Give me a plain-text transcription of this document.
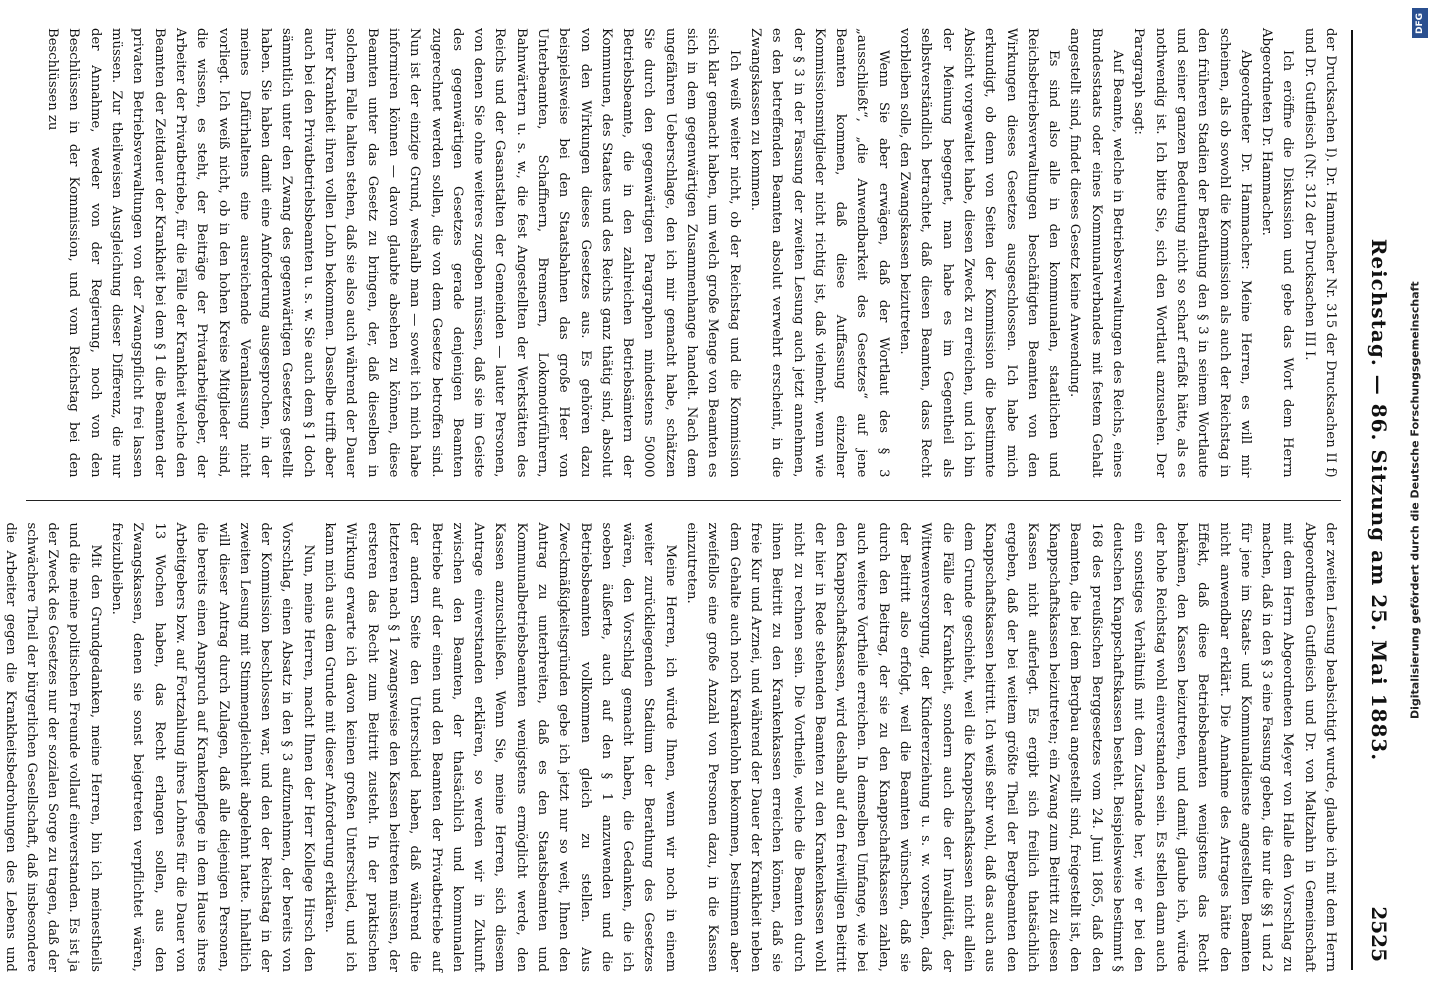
DFG
Digitalisierung gefördert durch die Deutsche Forschungsgemeinschaft
Reichstag. — 86. Sitzung am 25. Mai 1883.
2525

der Drucksachen I). Dr. Hammacher Nr. 315 der Drucksachen II f) und Dr. Gutfleisch (Nr. 312 der Drucksachen III I.

Ich eröffne die Diskussion und gebe das Wort dem Herrn Abgeordneten Dr. Hammacher.

Abgeordneter Dr. Hammacher: Meine Herren, es will mir scheinen, als ob sowohl die Kommission als auch der Reichstag in den früheren Stadien der Berathung den § 3 in seinem Wortlaute und seiner ganzen Bedeutung nicht so scharf erfaßt hätte, als es nothwendig ist. Ich bitte Sie, sich den Wortlaut anzusehen. Der Paragraph sagt:

Auf Beamte, welche in Betriebsverwaltungen des Reichs, eines Bundesstaats oder eines Kommunalverbandes mit festem Gehalt angestellt sind, findet dieses Gesetz keine Anwendung.

Es sind also alle in den kommunalen, staatlichen und Reichsbetriebsverwaltungen beschäftigten Beamten von den Wirkungen dieses Gesetzes ausgeschlossen. Ich habe mich erkundigt, ob denn von Seiten der Kommission die bestimmte Absicht vorgewaltet habe, diesen Zweck zu erreichen, und ich bin der Meinung begegnet, man habe es im Gegentheil als selbstverständlich betrachtet, daß diesen Beamten, dass Recht vorbleiben solle, den Zwangskassen beizutreten.

Wenn Sie aber erwägen, daß der Wortlaut des § 3 „ausschließt“, „die Anwendbarkeit des Gesetzes“ auf jene Beamten kommen, daß diese Auffassung einzelner Kommissionsmitglieder nicht richtig ist, daß vielmehr, wenn wie der § 3 in der Fassung der zweiten Lesung auch jetzt annehmen, es den betreffenden Beamten absolut verwehrt erscheint, in die Zwangskassen zu kommen.

Ich weiß weiter nicht, ob der Reichstag und die Kommission sich klar gemacht haben, um welch große Menge von Beamten es sich in dem gegenwärtigen Zusammenhange handelt. Nach dem ungefähren Ueberschlage, den ich mir gemacht habe, schätzen Sie durch den gegenwärtigen Paragraphen mindestens 50000 Betriebsbeamte, die in den zahlreichen Betriebsämtern der Kommunen, des Staates und des Reichs ganz thätig sind, absolut von den Wirkungen dieses Gesetzes aus. Es gehören dazu beispielsweise bei den Staatsbahnen das große Heer von Unterbeamten, Schaffnern, Bremsern, Lokomotivführern, Bahnwärtern u. s. w., die fest Angestellten der Werkstätten des Reichs und der Gasanstalten der Gemeinden — lauter Personen, von denen Sie ohne weiteres zugeben müssen, daß sie im Geiste des gegenwärtigen Gesetzes gerade denjenigen Beamten zugerechnet werden sollen, die von dem Gesetze betroffen sind. Nun ist der einzige Grund, weshalb man — soweit ich mich habe informiren können — davon glaubte absehen zu können, diese Beamten unter das Gesetz zu bringen, der, daß dieselben in solchem Falle halten stehen, daß sie also auch während der Dauer ihrer Krankheit ihren vollen Lohn bekommen. Dasselbe trifft aber auch bei den Privatbetriebsbeamten u. s. w. Sie auch dem § 1 doch sämmtlich unter den Zwang des gegenwärtigen Gesetzes gestellt haben. Sie haben damit eine Anforderung ausgesprochen, in der meines Dafürhaltens eine ausreichende Veranlassung nicht vorliegt. Ich weiß nicht, ob in den hohen Kreise Mitglieder sind, die wissen, es steht, der Beiträge der Privatarbeitgeber, der Arbeiter der Privatbetriebe, für die Fälle der Krankheit welche den Beamten der Zeitdauer der Krankheit bei dem § 1 die Beamten der privaten Betriebsverwaltungen von der Zwangspflicht frei lassen müssen. Zur theilweisen Ausgleichung dieser Differenz, die nur der Annahme, weder von der Regierung, noch von den Beschlüssen in der Kommission, und vom Reichstag bei den Beschlüssen zu

der zweiten Lesung beabsichtigt wurde, glaube ich mit dem Herrn Abgeordneten Gutfleisch und Dr. von Maltzahn in Gemeinschaft mit dem Herrn Abgeordneten Meyer von Halle den Vorschlag zu machen, daß in den § 3 eine Fassung geben, die nur die §§ 1 und 2 für jene im Staats- und Kommunaldienste angestellten Beamten nicht anwendbar erklärt. Die Annahme des Antrages hätte den Effekt, daß diese Betriebsbeamten wenigstens das Recht bekämen, den Kassen beizutreten, und damit, glaube ich, würde der hohe Reichstag wohl einverstanden sein. Es stellen dann auch ein sonstiges Verhältniß mit dem Zustande her, wie er bei den deutschen Knappschaftskassen besteht. Beispielsweise bestimmt § 168 des preußischen Berggesetzes vom 24. Juni 1865, daß den Beamten, die bei dem Bergbau angestellt sind, freigestellt ist, den Knappschaftskassen beizutreten; ein Zwang zum Beitritt zu diesen Kassen nicht auferlegt. Es ergibt sich freilich thatsächlich ergeben, daß der bei weitem größte Theil der Bergbeamten den Knappschaftskassen beitritt. Ich weiß sehr wohl, daß das auch aus dem Grunde geschieht, weil die Knappschaftskassen nicht allein die Fälle der Krankheit, sondern auch die der Invalidität, der Wittwenversorgung, der Kindererziehung u. s. w. vorsehen, daß der Beitritt also erfolgt, weil die Beamten wünschen, daß sie durch den Beitrag, der sie zu den Knappschaftskassen zahlen, auch weitere Vortheile erreichen. In demselben Umfange, wie bei den Knappschaftskassen, wird deshalb auf den freiwilligen Beitritt der hier in Rede stehenden Beamten zu den Krankenkassen wohl nicht zu rechnen sein. Die Vortheile, welche die Beamten durch ihnen Beitritt zu den Krankenkassen erreichen können, daß sie freie Kur und Arznei, und während der Dauer der Krankheit neben dem Gehalte auch noch Krankenlohn bekommen, bestimmen aber zweifellos eine große Anzahl von Personen dazu, in die Kassen einzutreten.

Meine Herren, ich würde Ihnen, wenn wir noch in einem weiter zurückliegenden Stadium der Berathung des Gesetzes wären, den Vorschlag gemacht haben, die Gedanken, die ich soeben äußerte, auch auf den § 1 anzuwenden und die Betriebsbeamten vollkommen gleich zu stellen. Aus Zweckmäßigkeitsgründen gebe ich jetzt nur so weit, Ihnen den Antrag zu unterbreiten, daß es den Staatsbeamten und Kommunalbetriebsbeamten wenigstens ermöglicht werde, den Kassen anzuschließen. Wenn Sie, meine Herren, sich diesem Antrage einverstanden erklären, so werden wir in Zukunft zwischen den Beamten, der thatsächlich und kommunalen Betriebe auf der einen und den Beamten der Privatbetriebe auf der andern Seite den Unterschied haben, daß während die letzteren nach § 1 zwangsweise den Kassen beitreten müssen, der ersteren das Recht zum Beitritt zusteht. In der praktischen Wirkung erwarte ich davon keinen großen Unterschied, und ich kann mich aus dem Grunde mit dieser Anforderung erklären.

Nun, meine Herren, macht Ihnen der Herr Kollege Hirsch den Vorschlag, einen Absatz in den § 3 aufzunehmen, der bereits von der Kommission beschlossen war, und den der Reichstag in der zweiten Lesung mit Stimmengleichheit abgelehnt hatte. Inhaltlich will dieser Antrag durch Zulagen, daß alle diejenigen Personen, die bereits einen Anspruch auf Krankenpflege in dem Hause ihres Arbeitgebers bzw. auf Fortzahlung ihres Lohnes für die Dauer von 13 Wochen haben, das Recht erlangen sollen, aus den Zwangskassen, denen sie sonst beigetreten verpflichtet wären, freizubleiben.

Mit den Grundgedanken, meine Herren, bin ich meinestheils und die meine politischen Freunde vollauf einverstanden. Es ist ja der Zweck des Gesetzes nur der sozialen Sorge zu tragen, daß der schwächere Theil der bürgerlichen Gesellschaft, daß insbesondere die Arbeiter gegen die Krankheitsbedrohungen des Lebens und
